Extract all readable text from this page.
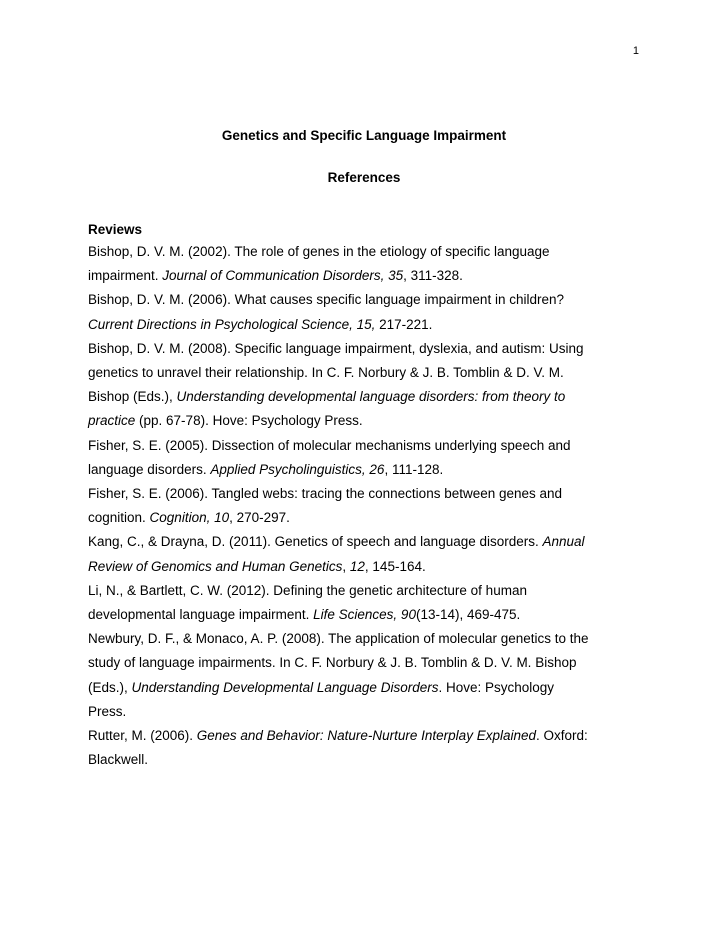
1
Genetics and Specific Language Impairment
References
Reviews
Bishop, D. V. M. (2002). The role of genes in the etiology of specific language
impairment. Journal of Communication Disorders, 35, 311-328.
Bishop, D. V. M. (2006). What causes specific language impairment in children?
Current Directions in Psychological Science, 15, 217-221.
Bishop, D. V. M. (2008). Specific language impairment, dyslexia, and autism: Using
genetics to unravel their relationship. In C. F. Norbury & J. B. Tomblin & D. V. M.
Bishop (Eds.), Understanding developmental language disorders: from theory to
practice (pp. 67-78). Hove: Psychology Press.
Fisher, S. E. (2005). Dissection of molecular mechanisms underlying speech and
language disorders. Applied Psycholinguistics, 26, 111-128.
Fisher, S. E. (2006). Tangled webs: tracing the connections between genes and
cognition. Cognition, 10, 270-297.
Kang, C., & Drayna, D. (2011). Genetics of speech and language disorders. Annual
Review of Genomics and Human Genetics, 12, 145-164.
Li, N., & Bartlett, C. W. (2012). Defining the genetic architecture of human
developmental language impairment. Life Sciences, 90(13-14), 469-475.
Newbury, D. F., & Monaco, A. P. (2008). The application of molecular genetics to the
study of language impairments. In C. F. Norbury & J. B. Tomblin & D. V. M. Bishop
(Eds.), Understanding Developmental Language Disorders. Hove: Psychology
Press.
Rutter, M. (2006). Genes and Behavior: Nature-Nurture Interplay Explained. Oxford:
Blackwell.
